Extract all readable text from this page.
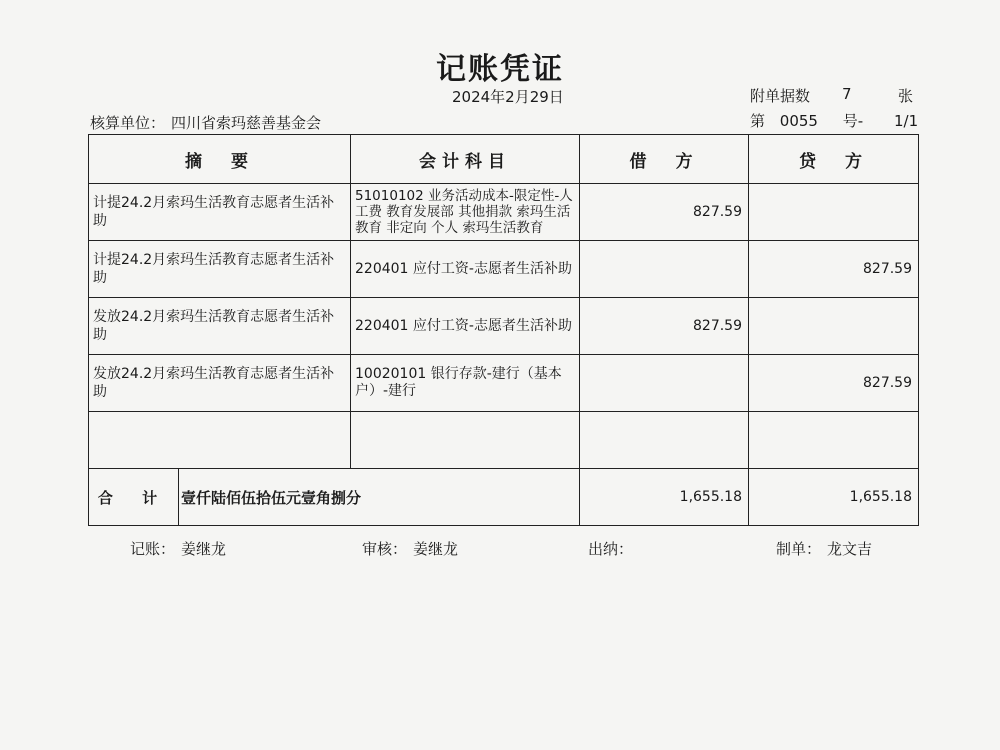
记账凭证
2024年2月29日	附单据数 7	张
核算单位： 四川省索玛慈善基金会	第 0055 号- 1/1
摘　要		会计科目	借　方	贷　方
计提24.2月索玛生活教育志愿者生活补助		51010102 业务活动成本-限定性-人工费 教育发展部 其他捐款 索玛生活教育 非定向 个人 索玛生活教育	827.59	
计提24.2月索玛生活教育志愿者生活补助		220401 应付工资-志愿者生活补助		827.59
发放24.2月索玛生活教育志愿者生活补助		220401 应付工资-志愿者生活补助	827.59	
发放24.2月索玛生活教育志愿者生活补助		10020101 银行存款-建行（基本户）-建行		827.59

合 计	壹仟陆佰伍拾伍元壹角捌分		1,655.18	1,655.18
记账： 姜继龙	审核： 姜继龙	出纳：	制单： 龙文吉
